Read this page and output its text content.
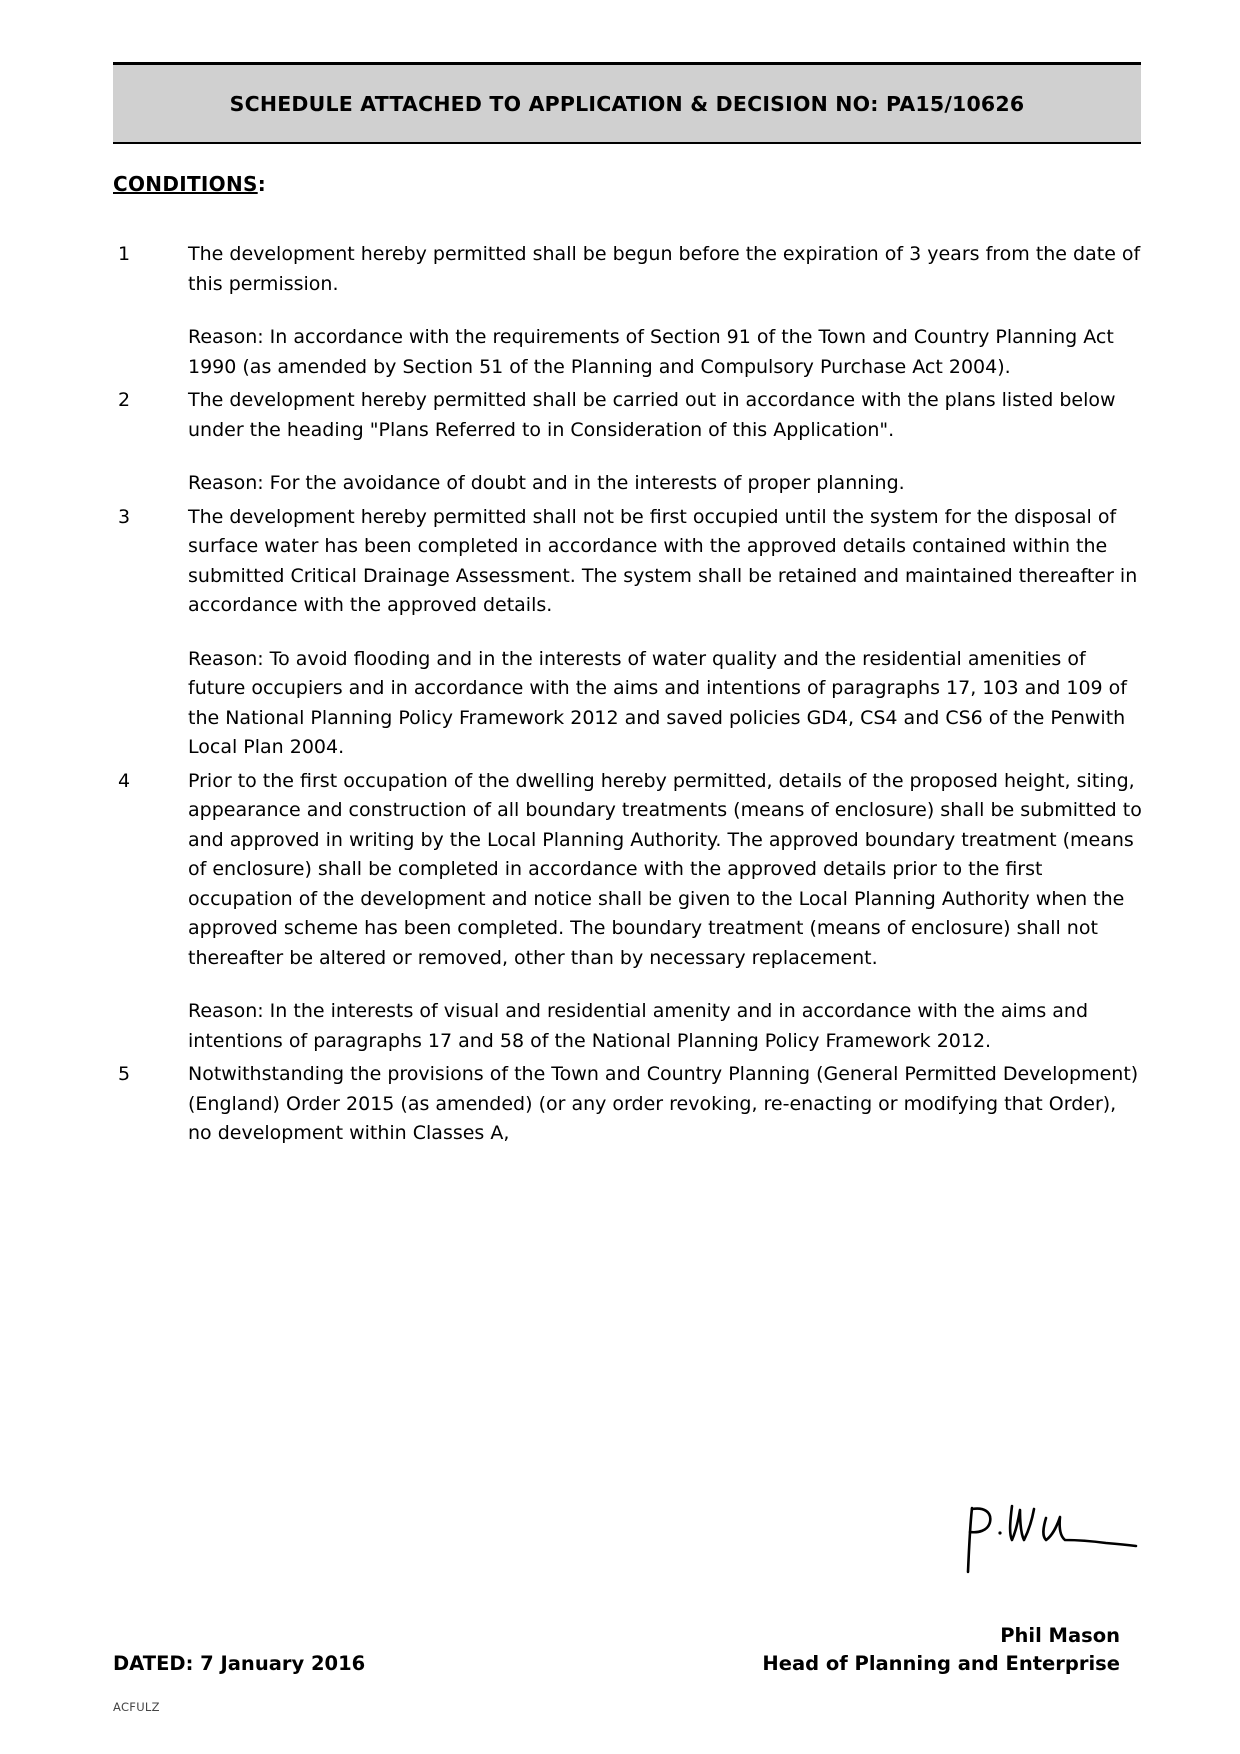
SCHEDULE ATTACHED TO APPLICATION & DECISION NO: PA15/10626
CONDITIONS:
1	The development hereby permitted shall be begun before the expiration of 3 years from the date of this permission.

Reason: In accordance with the requirements of Section 91 of the Town and Country Planning Act 1990 (as amended by Section 51 of the Planning and Compulsory Purchase Act 2004).

2	The development hereby permitted shall be carried out in accordance with the plans listed below under the heading "Plans Referred to in Consideration of this Application".

Reason: For the avoidance of doubt and in the interests of proper planning.

3	The development hereby permitted shall not be first occupied until the system for the disposal of surface water has been completed in accordance with the approved details contained within the submitted Critical Drainage Assessment. The system shall be retained and maintained thereafter in accordance with the approved details.

Reason: To avoid flooding and in the interests of water quality and the residential amenities of future occupiers and in accordance with the aims and intentions of paragraphs 17, 103 and 109 of the National Planning Policy Framework 2012 and saved policies GD4, CS4 and CS6 of the Penwith Local Plan 2004.

4	Prior to the first occupation of the dwelling hereby permitted, details of the proposed height, siting, appearance and construction of all boundary treatments (means of enclosure) shall be submitted to and approved in writing by the Local Planning Authority. The approved boundary treatment (means of enclosure) shall be completed in accordance with the approved details prior to the first occupation of the development and notice shall be given to the Local Planning Authority when the approved scheme has been completed. The boundary treatment (means of enclosure) shall not thereafter be altered or removed, other than by necessary replacement.

Reason: In the interests of visual and residential amenity and in accordance with the aims and intentions of paragraphs 17 and 58 of the National Planning Policy Framework 2012.

5	Notwithstanding the provisions of the Town and Country Planning (General Permitted Development) (England) Order 2015 (as amended) (or any order revoking, re-enacting or modifying that Order), no development within Classes A,

Phil Mason
Head of Planning and Enterprise
DATED: 7 January 2016
ACFULZ
